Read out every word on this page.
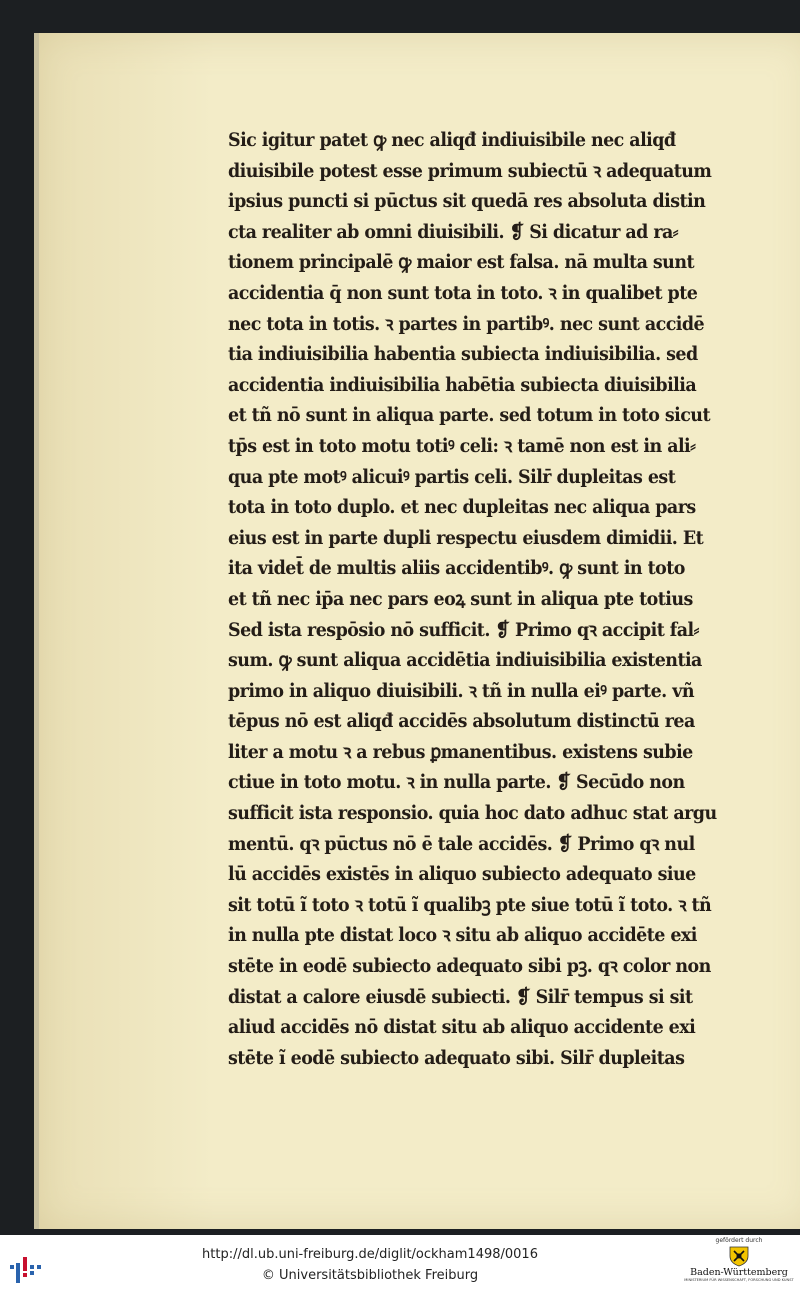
Sic igitur patet ꝙ nec aliqđ indiuisibile nec aliqđ
diuisibile potest esse primum subiectū ꝛ adequatum
ipsius puncti si pūctus sit quedā res absoluta distin
cta realiter ab omni diuisibili. ❡ Si dicatur ad ra⸗
tionem principalē ꝙ maior est falsa. nā multa sunt
accidentia q̄ non sunt tota in toto. ꝛ in qualibet pte
nec tota in totis. ꝛ partes in partibꝰ. nec sunt accidē
tia indiuisibilia habentia subiecta indiuisibilia. sed
accidentia indiuisibilia habētia subiecta diuisibilia
et tñ nō sunt in aliqua parte. sed totum in toto sicut
tp̄s est in toto motu totiꝰ celi: ꝛ tamē non est in ali⸗
qua pte motꝰ alicuiꝰ partis celi. Silr̄ dupleitas est
tota in toto duplo. et nec dupleitas nec aliqua pars
eius est in parte dupli respectu eiusdem dimidii. Et
ita videt̄ de multis aliis accidentibꝰ. ꝙ sunt in toto
et tñ nec ip̄a nec pars eoꝝ sunt in aliqua pte totius
Sed ista respōsio nō sufficit. ❡ Primo qꝛ accipit fal⸗
sum. ꝙ sunt aliqua accidētia indiuisibilia existentia
primo in aliquo diuisibili. ꝛ tñ in nulla eiꝰ parte. vñ
tēpus nō est aliqđ accidēs absolutum distinctū rea
liter a motu ꝛ a rebus ꝑmanentibus. existens subie
ctiue in toto motu. ꝛ in nulla parte. ❡ Secūdo non
sufficit ista responsio. quia hoc dato adhuc stat argu
mentū. qꝛ pūctus nō ē tale accidēs. ❡ Primo qꝛ nul
lū accidēs existēs in aliquo subiecto adequato siue
sit totū ĩ toto ꝛ totū ĩ qualibꝫ pte siue totū ĩ toto. ꝛ tñ
in nulla pte distat loco ꝛ situ ab aliquo accidēte exi
stēte in eodē subiecto adequato sibi pꝫ. qꝛ color non
distat a calore eiusdē subiecti. ❡ Silr̄ tempus si sit
aliud accidēs nō distat situ ab aliquo accidente exi
stēte ĩ eodē subiecto adequato sibi. Silr̄ dupleitas
http://dl.ub.uni-freiburg.de/diglit/ockham1498/0016
© Universitätsbibliothek Freiburg
gefördert durch
Baden-Württemberg
MINISTERIUM FÜR WISSENSCHAFT, FORSCHUNG UND KUNST
